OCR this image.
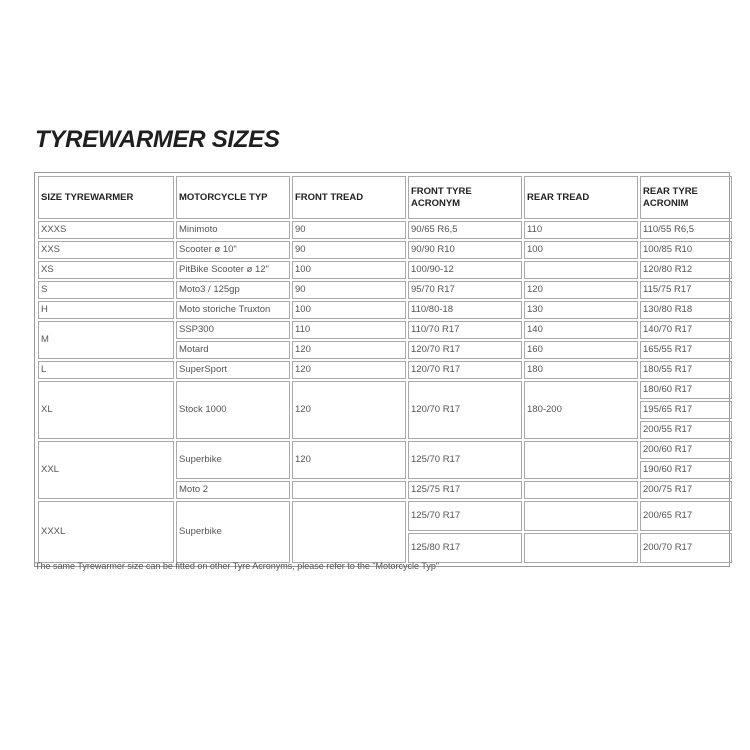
TYREWARMER SIZES
SIZE TYREWARMER	MOTORCYCLE TYP	FRONT TREAD	FRONT TYRE ACRONYM	REAR TREAD	REAR TYRE ACRONIM
XXXS	Minimoto	90	90/65 R6,5	110	110/55 R6,5
XXS	Scooter ø 10"	90	90/90 R10	100	100/85 R10
XS	PitBike Scooter ø 12"	100	100/90-12		120/80 R12
S	Moto3 / 125gp	90	95/70 R17	120	115/75 R17
H	Moto storiche Truxton	100	110/80-18	130	130/80 R18
M	SSP300	110	110/70 R17	140	140/70 R17
	Motard	120	120/70 R17	160	165/55 R17
L	SuperSport	120	120/70 R17	180	180/55 R17
XL	Stock 1000	120	120/70 R17	180-200	180/60 R17
					195/65 R17
					200/55 R17
XXL	Superbike	120	125/70 R17		200/60 R17
					190/60 R17
	Moto 2		125/75 R17		200/75 R17
XXXL	Superbike		125/70 R17		200/65 R17
			125/80 R17		200/70 R17

The same Tyrewarmer size can be fitted on other Tyre Acronyms, please refer to the "Motorcycle Typ"
